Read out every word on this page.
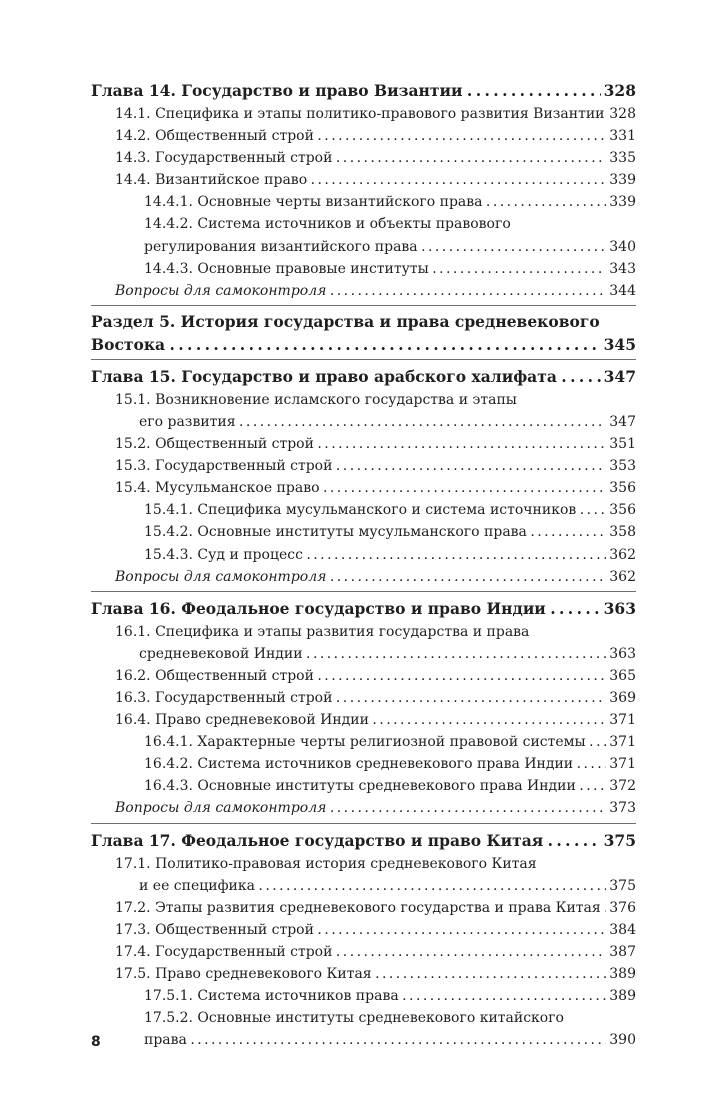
Глава 14. Государство и право Византии . . .	328
14.1. Специфика и этапы политико-правового развития Византии . . . 328
14.2. Общественный строй . . .	331
14.3. Государственный строй . . .	335
14.4. Византийское право . . .	339
14.4.1. Основные черты византийского права . . .	339
14.4.2. Система источников и объекты правового
регулирования византийского права . . .	340
14.4.3. Основные правовые институты . . .	343
Вопросы для самоконтроля . . .	344
Раздел 5. История государства и права средневекового
Востока . . .	345
Глава 15. Государство и право арабского халифата . . .	347
15.1. Возникновение исламского государства и этапы
его развития . . .	347
15.2. Общественный строй . . .	351
15.3. Государственный строй . . .	353
15.4. Мусульманское право . . .	356
15.4.1. Специфика мусульманского и система источников . . . 356
15.4.2. Основные институты мусульманского права . . .	358
15.4.3. Суд и процесс . . .	362
Вопросы для самоконтроля . . .	362
Глава 16. Феодальное государство и право Индии . . .	363
16.1. Специфика и этапы развития государства и права
средневековой Индии . . .	363
16.2. Общественный строй . . .	365
16.3. Государственный строй . . .	369
16.4. Право средневековой Индии . . .	371
16.4.1. Характерные черты религиозной правовой системы . . . 371
16.4.2. Система источников средневекового права Индии . . .	371
16.4.3. Основные институты средневекового права Индии . . . 372
Вопросы для самоконтроля . . .	373
Глава 17. Феодальное государство и право Китая . . .	375
17.1. Политико-правовая история средневекового Китая
и ее специфика . . .	375
17.2. Этапы развития средневекового государства и права Китая . . . 376
17.3. Общественный строй . . .	384
17.4. Государственный строй . . .	387
17.5. Право средневекового Китая . . .	389
17.5.1. Система источников права . . .	389
17.5.2. Основные институты средневекового китайского
права . . .	390
8
